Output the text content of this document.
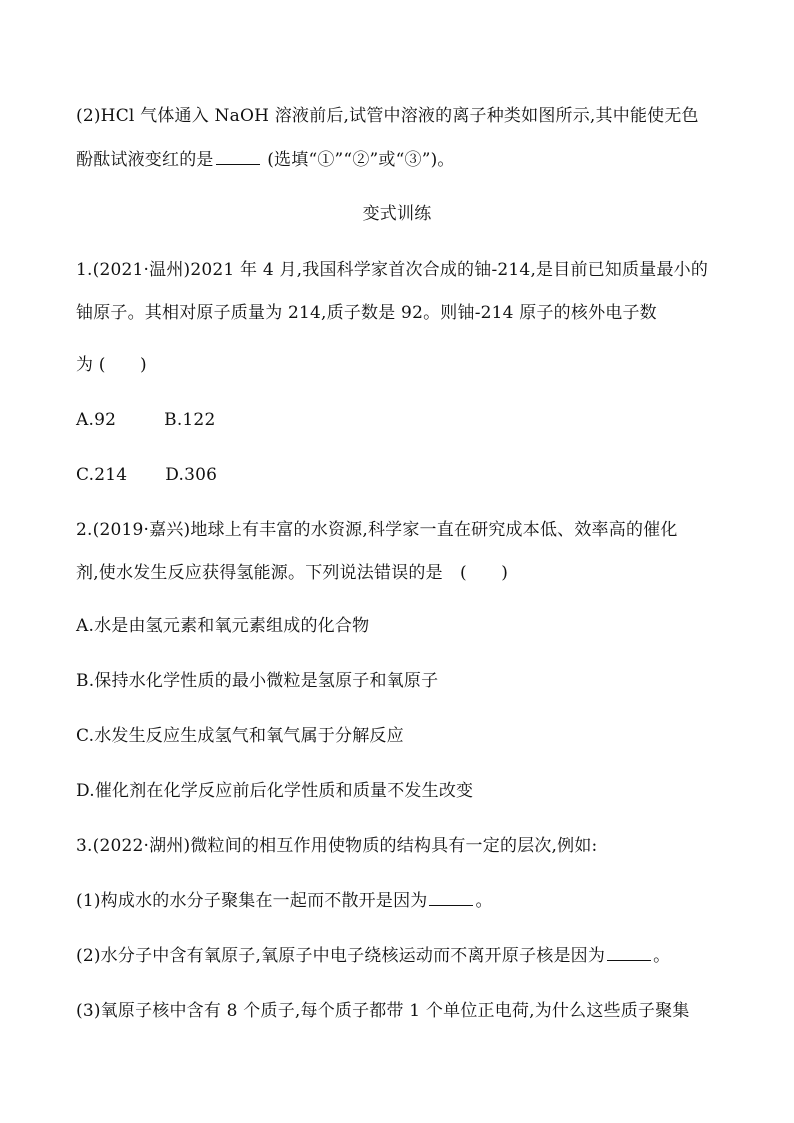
(2)HCl 气体通入 NaOH 溶液前后,试管中溶液的离子种类如图所示,其中能使无色
酚酞试液变红的是	(选填“①”“②”或“③”)。
变式训练
1.(2021·温州)2021 年 4 月,我国科学家首次合成的铀-214,是目前已知质量最小的
铀原子。其相对原子质量为 214,质子数是 92。则铀-214 原子的核外电子数
为 (　　)
A.92	B.122
C.214 D.306
2.(2019·嘉兴)地球上有丰富的水资源,科学家一直在研究成本低、效率高的催化
剂,使水发生反应获得氢能源。下列说法错误的是　(　　)
A.水是由氢元素和氧元素组成的化合物
B.保持水化学性质的最小微粒是氢原子和氧原子
C.水发生反应生成氢气和氧气属于分解反应
D.催化剂在化学反应前后化学性质和质量不发生改变
3.(2022·湖州)微粒间的相互作用使物质的结构具有一定的层次,例如:
(1)构成水的水分子聚集在一起而不散开是因为	。
(2)水分子中含有氧原子,氧原子中电子绕核运动而不离开原子核是因为	。
(3)氧原子核中含有 8 个质子,每个质子都带 1 个单位正电荷,为什么这些质子聚集
